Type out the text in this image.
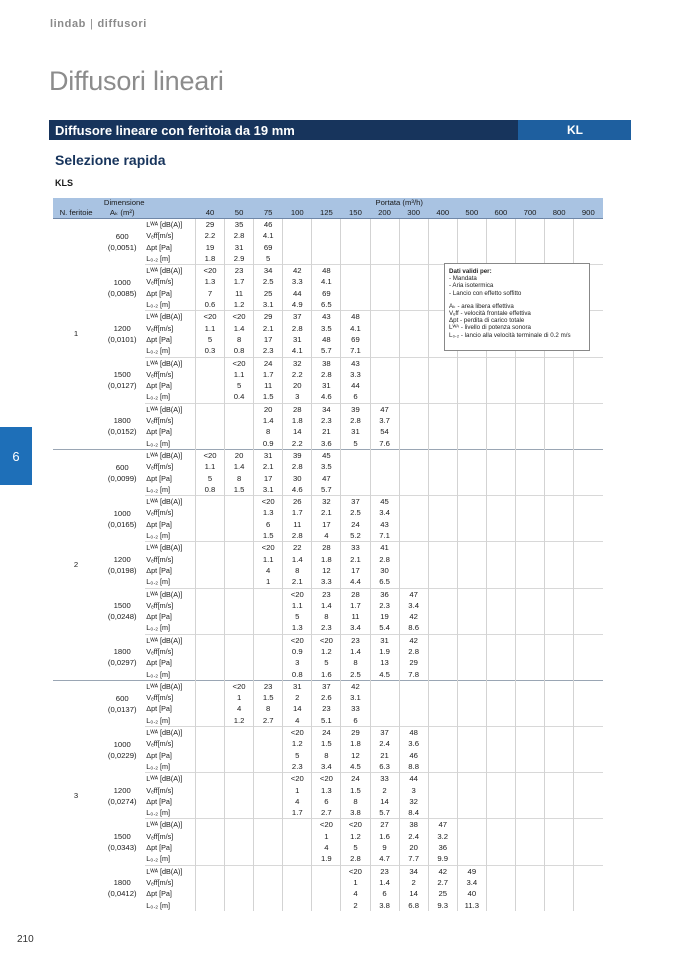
lindab | diffusori
Diffusori lineari
Diffusore lineare con feritoia da 19 mm	KL
Selezione rapida
KLS
6
210
Dimensione			Portata (m³/h)													
N. feritoie	Aₖ (m²)		40	50	75	100	125	150	200	300	400	500	600	700	800	900
1	600
(0,0051)	Lᵂᴬ [dB(A)]	29	35	46											
		Vₑff[m/s]	2.2	2.8	4.1											
		Δpt [Pa]	19	31	69											
		L₀.₂ [m]	1.8	2.9	5											

	1000
(0,0085)	Lᵂᴬ [dB(A)]	<20	23	34	42	48									
		Vₑff[m/s]	1.3	1.7	2.5	3.3	4.1									
		Δpt [Pa]	7	11	25	44	69									
		L₀.₂ [m]	0.6	1.2	3.1	4.9	6.5									

	1200
(0,0101)	Lᵂᴬ [dB(A)]	<20	<20	29	37	43	48								
		Vₑff[m/s]	1.1	1.4	2.1	2.8	3.5	4.1								
		Δpt [Pa]	5	8	17	31	48	69								
		L₀.₂ [m]	0.3	0.8	2.3	4.1	5.7	7.1								

	1500
(0,0127)	Lᵂᴬ [dB(A)]		<20	24	32	38	43								
		Vₑff[m/s]		1.1	1.7	2.2	2.8	3.3								
		Δpt [Pa]		5	11	20	31	44								
		L₀.₂ [m]		0.4	1.5	3	4.6	6								

	1800
(0,0152)	Lᵂᴬ [dB(A)]			20	28	34	39	47							
		Vₑff[m/s]			1.4	1.8	2.3	2.8	3.7							
		Δpt [Pa]			8	14	21	31	54							
		L₀.₂ [m]			0.9	2.2	3.6	5	7.6							
2	600
(0,0099)	Lᵂᴬ [dB(A)]	<20	20	31	39	45									
		Vₑff[m/s]	1.1	1.4	2.1	2.8	3.5									
		Δpt [Pa]	5	8	17	30	47									
		L₀.₂ [m]	0.8	1.5	3.1	4.6	5.7									

	1000
(0,0165)	Lᵂᴬ [dB(A)]			<20	26	32	37	45							
		Vₑff[m/s]			1.3	1.7	2.1	2.5	3.4							
		Δpt [Pa]			6	11	17	24	43							
		L₀.₂ [m]			1.5	2.8	4	5.2	7.1							

	1200
(0,0198)	Lᵂᴬ [dB(A)]			<20	22	28	33	41							
		Vₑff[m/s]			1.1	1.4	1.8	2.1	2.8							
		Δpt [Pa]			4	8	12	17	30							
		L₀.₂ [m]			1	2.1	3.3	4.4	6.5							

	1500
(0,0248)	Lᵂᴬ [dB(A)]				<20	23	28	36	47						
		Vₑff[m/s]				1.1	1.4	1.7	2.3	3.4						
		Δpt [Pa]				5	8	11	19	42						
		L₀.₂ [m]				1.3	2.3	3.4	5.4	8.6						

	1800
(0,0297)	Lᵂᴬ [dB(A)]				<20	<20	23	31	42						
		Vₑff[m/s]				0.9	1.2	1.4	1.9	2.8						
		Δpt [Pa]				3	5	8	13	29						
		L₀.₂ [m]				0.8	1.6	2.5	4.5	7.8						
3	600
(0,0137)	Lᵂᴬ [dB(A)]		<20	23	31	37	42								
		Vₑff[m/s]		1	1.5	2	2.6	3.1								
		Δpt [Pa]		4	8	14	23	33								
		L₀.₂ [m]		1.2	2.7	4	5.1	6								

	1000
(0,0229)	Lᵂᴬ [dB(A)]				<20	24	29	37	48						
		Vₑff[m/s]				1.2	1.5	1.8	2.4	3.6						
		Δpt [Pa]				5	8	12	21	46						
		L₀.₂ [m]				2.3	3.4	4.5	6.3	8.8						

	1200
(0,0274)	Lᵂᴬ [dB(A)]				<20	<20	24	33	44						
		Vₑff[m/s]				1	1.3	1.5	2	3						
		Δpt [Pa]				4	6	8	14	32						
		L₀.₂ [m]				1.7	2.7	3.8	5.7	8.4						

	1500
(0,0343)	Lᵂᴬ [dB(A)]					<20	<20	27	38	47					
		Vₑff[m/s]					1	1.2	1.6	2.4	3.2					
		Δpt [Pa]					4	5	9	20	36					
		L₀.₂ [m]					1.9	2.8	4.7	7.7	9.9					

	1800
(0,0412)	Lᵂᴬ [dB(A)]						<20	23	34	42	49				
		Vₑff[m/s]						1	1.4	2	2.7	3.4				
		Δpt [Pa]						4	6	14	25	40				
		L₀.₂ [m]						2	3.8	6.8	9.3	11.3				
Dati validi per:
- Mandata
- Aria isotermica
- Lancio con effetto soffitto
Aₖ - area libera effettiva
Vₑff - velocità frontale effettiva
Δpt - perdita di carico totale
Lᵂᴬ - livello di potenza sonora
L₀.₂ - lancio alla velocità terminale di 0.2 m/s
